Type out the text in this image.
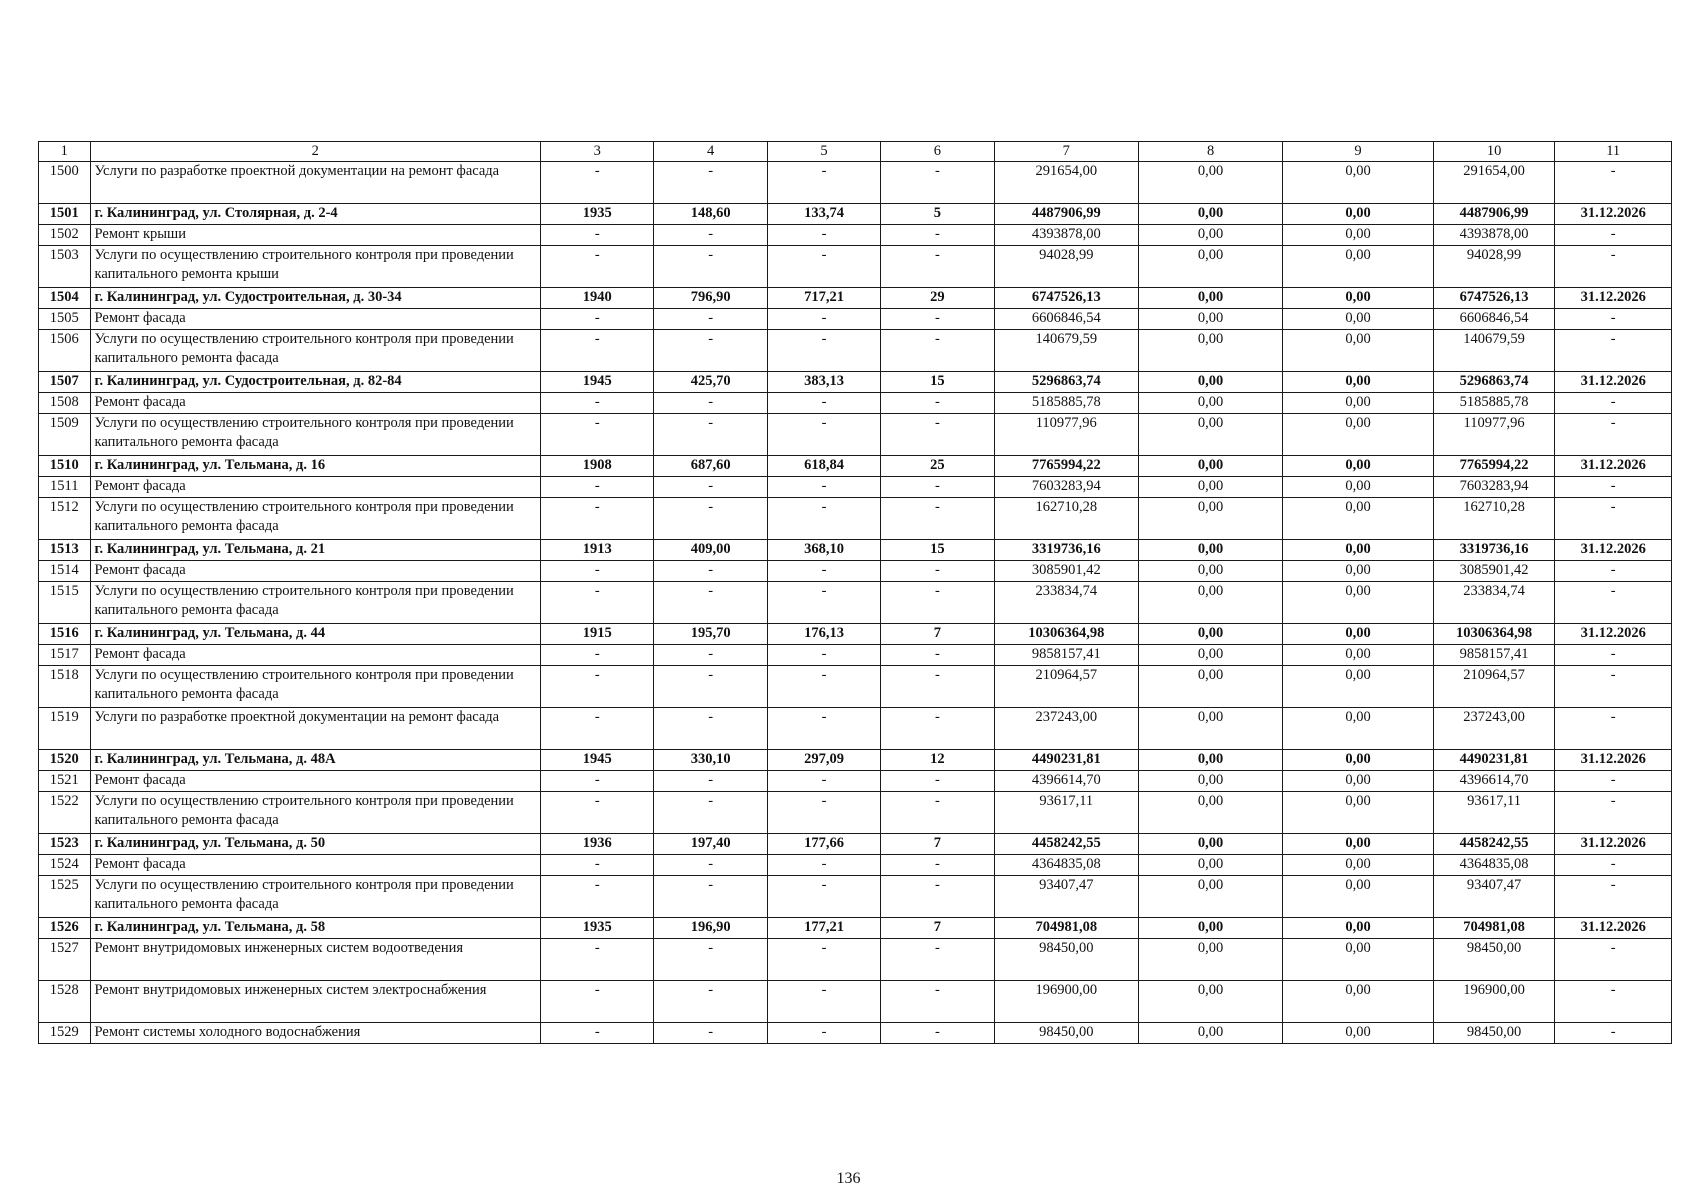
1	2	3	4	5	6	7	8	9	10	11
1500	Услуги по разработке проектной документации на ремонт фасада	-	-	-	-	291654,00	0,00	0,00	291654,00	-
1501	г. Калининград, ул. Столярная, д. 2-4	1935	148,60	133,74	5	4487906,99	0,00	0,00	4487906,99	31.12.2026
1502	Ремонт крыши	-	-	-	-	4393878,00	0,00	0,00	4393878,00	-
1503	Услуги по осуществлению строительного контроля при проведении капитального ремонта крыши	-	-	-	-	94028,99	0,00	0,00	94028,99	-
1504	г. Калининград, ул. Судостроительная, д. 30-34	1940	796,90	717,21	29	6747526,13	0,00	0,00	6747526,13	31.12.2026
1505	Ремонт фасада	-	-	-	-	6606846,54	0,00	0,00	6606846,54	-
1506	Услуги по осуществлению строительного контроля при проведении капитального ремонта фасада	-	-	-	-	140679,59	0,00	0,00	140679,59	-
1507	г. Калининград, ул. Судостроительная, д. 82-84	1945	425,70	383,13	15	5296863,74	0,00	0,00	5296863,74	31.12.2026
1508	Ремонт фасада	-	-	-	-	5185885,78	0,00	0,00	5185885,78	-
1509	Услуги по осуществлению строительного контроля при проведении капитального ремонта фасада	-	-	-	-	110977,96	0,00	0,00	110977,96	-
1510	г. Калининград, ул. Тельмана, д. 16	1908	687,60	618,84	25	7765994,22	0,00	0,00	7765994,22	31.12.2026
1511	Ремонт фасада	-	-	-	-	7603283,94	0,00	0,00	7603283,94	-
1512	Услуги по осуществлению строительного контроля при проведении капитального ремонта фасада	-	-	-	-	162710,28	0,00	0,00	162710,28	-
1513	г. Калининград, ул. Тельмана, д. 21	1913	409,00	368,10	15	3319736,16	0,00	0,00	3319736,16	31.12.2026
1514	Ремонт фасада	-	-	-	-	3085901,42	0,00	0,00	3085901,42	-
1515	Услуги по осуществлению строительного контроля при проведении капитального ремонта фасада	-	-	-	-	233834,74	0,00	0,00	233834,74	-
1516	г. Калининград, ул. Тельмана, д. 44	1915	195,70	176,13	7	10306364,98	0,00	0,00	10306364,98	31.12.2026
1517	Ремонт фасада	-	-	-	-	9858157,41	0,00	0,00	9858157,41	-
1518	Услуги по осуществлению строительного контроля при проведении капитального ремонта фасада	-	-	-	-	210964,57	0,00	0,00	210964,57	-
1519	Услуги по разработке проектной документации на ремонт фасада	-	-	-	-	237243,00	0,00	0,00	237243,00	-
1520	г. Калининград, ул. Тельмана, д. 48А	1945	330,10	297,09	12	4490231,81	0,00	0,00	4490231,81	31.12.2026
1521	Ремонт фасада	-	-	-	-	4396614,70	0,00	0,00	4396614,70	-
1522	Услуги по осуществлению строительного контроля при проведении капитального ремонта фасада	-	-	-	-	93617,11	0,00	0,00	93617,11	-
1523	г. Калининград, ул. Тельмана, д. 50	1936	197,40	177,66	7	4458242,55	0,00	0,00	4458242,55	31.12.2026
1524	Ремонт фасада	-	-	-	-	4364835,08	0,00	0,00	4364835,08	-
1525	Услуги по осуществлению строительного контроля при проведении капитального ремонта фасада	-	-	-	-	93407,47	0,00	0,00	93407,47	-
1526	г. Калининград, ул. Тельмана, д. 58	1935	196,90	177,21	7	704981,08	0,00	0,00	704981,08	31.12.2026
1527	Ремонт внутридомовых инженерных систем водоотведения	-	-	-	-	98450,00	0,00	0,00	98450,00	-
1528	Ремонт внутридомовых инженерных систем электроснабжения	-	-	-	-	196900,00	0,00	0,00	196900,00	-
1529	Ремонт системы холодного водоснабжения	-	-	-	-	98450,00	0,00	0,00	98450,00	-
136
